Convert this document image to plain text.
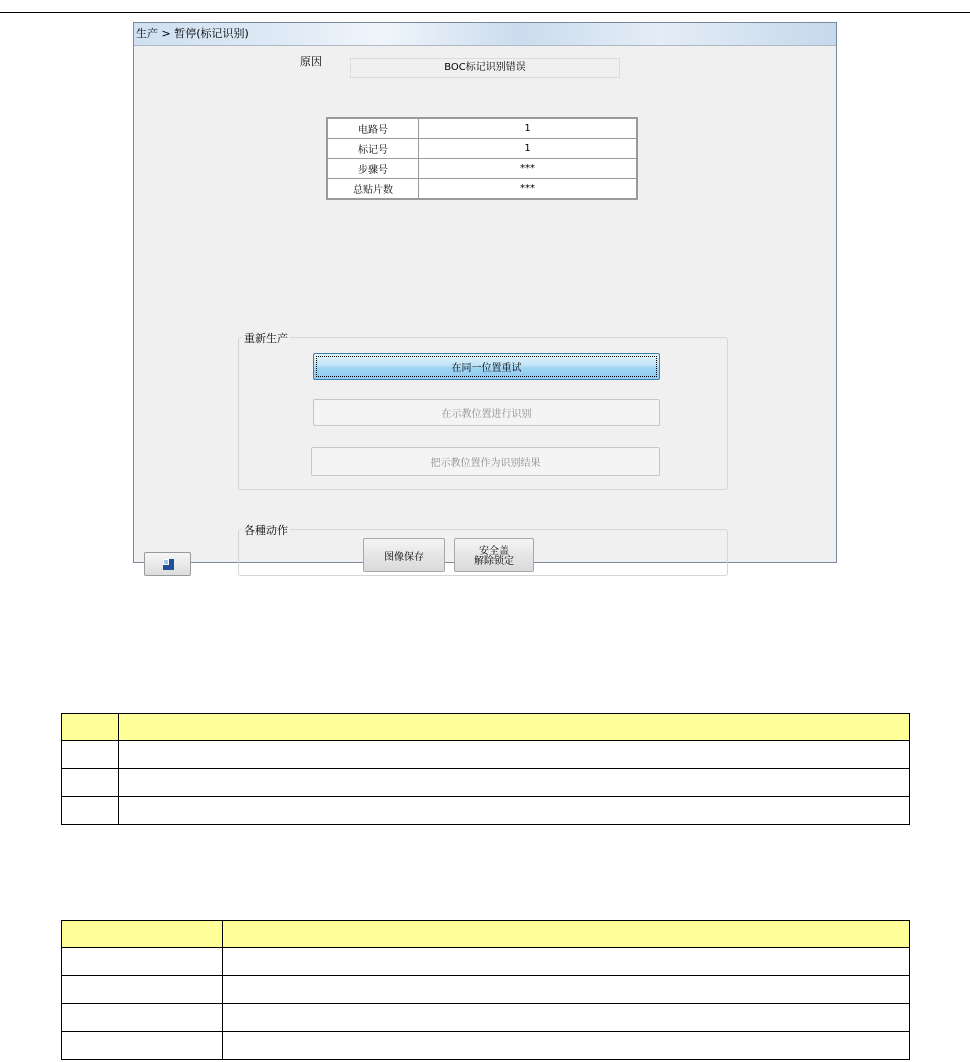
生产 > 暂停(标记识别)
原因	BOC标记识别错误
电路号	1
标记号	1
步骤号	***
总贴片数	***
重新生产
在同一位置重试
在示教位置进行识别
把示教位置作为识别结果
各種动作
图像保存
安全盖
解除锁定
